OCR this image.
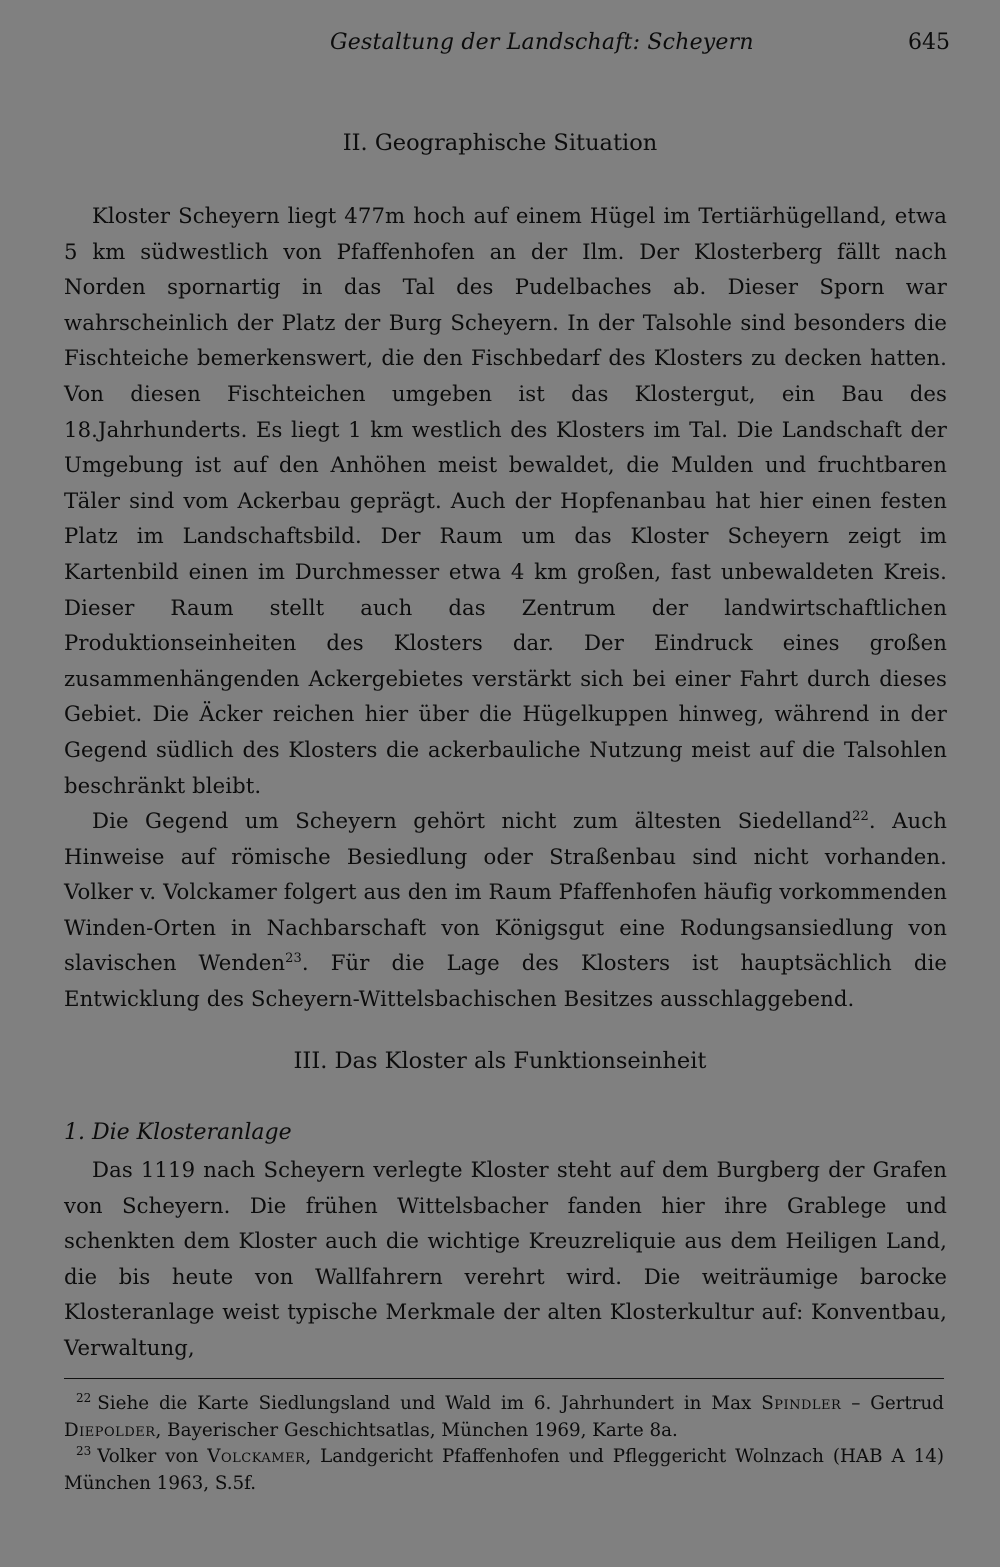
Gestaltung der Landschaft: Scheyern	645
II. Geographische Situation

Kloster Scheyern liegt 477m hoch auf einem Hügel im Tertiärhügelland, etwa 5 km südwestlich von Pfaffenhofen an der Ilm. Der Klosterberg fällt nach Norden spornartig in das Tal des Pudelbaches ab. Dieser Sporn war wahrscheinlich der Platz der Burg Scheyern. In der Talsohle sind besonders die Fischteiche bemerkenswert, die den Fischbedarf des Klosters zu decken hatten. Von diesen Fischteichen umgeben ist das Klostergut, ein Bau des 18.Jahrhunderts. Es liegt 1 km westlich des Klosters im Tal. Die Landschaft der Umgebung ist auf den Anhöhen meist bewaldet, die Mulden und fruchtbaren Täler sind vom Ackerbau geprägt. Auch der Hopfenanbau hat hier einen festen Platz im Landschaftsbild. Der Raum um das Kloster Scheyern zeigt im Kartenbild einen im Durchmesser etwa 4 km großen, fast unbewaldeten Kreis. Dieser Raum stellt auch das Zentrum der landwirtschaftlichen Produktionseinheiten des Klosters dar. Der Eindruck eines großen zusammenhängenden Ackergebietes verstärkt sich bei einer Fahrt durch dieses Gebiet. Die Äcker reichen hier über die Hügelkuppen hinweg, während in der Gegend südlich des Klosters die ackerbauliche Nutzung meist auf die Talsohlen beschränkt bleibt.

Die Gegend um Scheyern gehört nicht zum ältesten Siedelland$^{22}$. Auch Hinweise auf römische Besiedlung oder Straßenbau sind nicht vorhanden. Volker v. Volckamer folgert aus den im Raum Pfaffenhofen häufig vorkommenden Winden-Orten in Nachbarschaft von Königsgut eine Rodungsansiedlung von slavischen Wenden$^{23}$. Für die Lage des Klosters ist hauptsächlich die Entwicklung des Scheyern-Wittelsbachischen Besitzes ausschlaggebend.

III. Das Kloster als Funktionseinheit
1. Die Klosteranlage

Das 1119 nach Scheyern verlegte Kloster steht auf dem Burgberg der Grafen von Scheyern. Die frühen Wittelsbacher fanden hier ihre Grablege und schenkten dem Kloster auch die wichtige Kreuzreliquie aus dem Heiligen Land, die bis heute von Wallfahrern verehrt wird. Die weiträumige barocke Klosteranlage weist typische Merkmale der alten Klosterkultur auf: Konventbau, Verwaltung,

$^{22}$ Siehe die Karte Siedlungsland und Wald im 6. Jahrhundert in Max Spindler – Gertrud Diepolder, Bayerischer Geschichtsatlas, München 1969, Karte 8a.

$^{23}$ Volker von Volckamer, Landgericht Pfaffenhofen und Pfleggericht Wolnzach (HAB A 14) München 1963, S.5f.
